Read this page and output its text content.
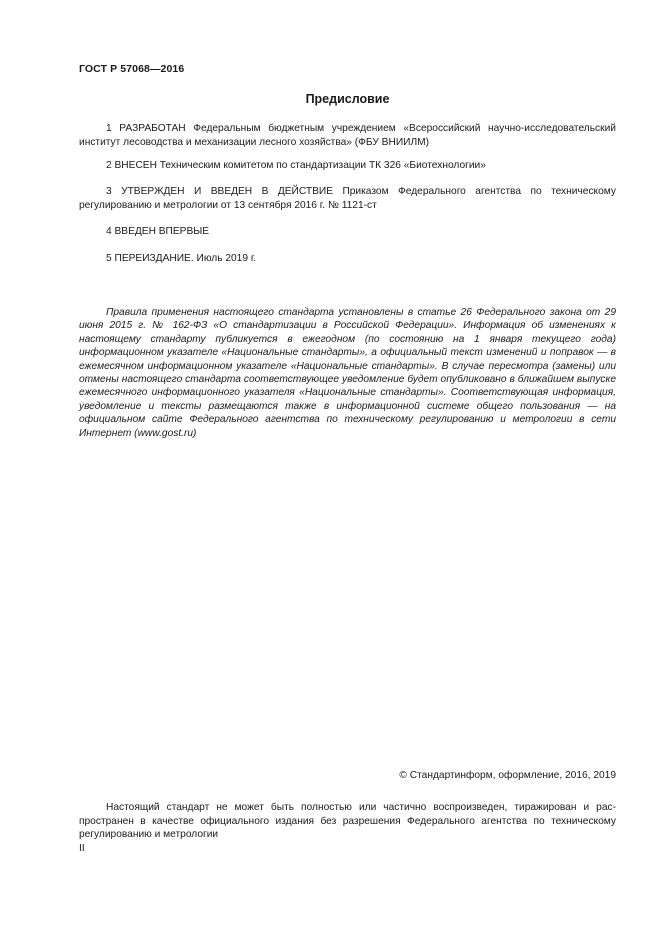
ГОСТ Р 57068—2016
Предисловие

1 РАЗРАБОТАН Федеральным бюджетным учреждением «Всероссийский научно-исследовательский институт лесоводства и механизации лесного хозяйства» (ФБУ ВНИИЛМ)

2 ВНЕСЕН Техническим комитетом по стандартизации ТК 326 «Биотехнологии»

3 УТВЕРЖДЕН И ВВЕДЕН В ДЕЙСТВИЕ Приказом Федерального агентства по техническому регулированию и метрологии от 13 сентября 2016 г. № 1121-ст

4 ВВЕДЕН ВПЕРВЫЕ

5 ПЕРЕИЗДАНИЕ. Июль 2019 г.

Правила применения настоящего стандарта установлены в статье 26 Федерального закона от 29 июня 2015 г. № 162-ФЗ «О стандартизации в Российской Федерации». Информация об изменениях к настоящему стандарту публикуется в ежегодном (по состоянию на 1 января текущего года) информационном указателе «Национальные стандарты», а официальный текст изменений и поправок — в ежемесячном информационном указателе «Национальные стандарты». В случае пересмотра (замены) или отмены настоящего стандарта соответствующее уведомление будет опубликовано в ближайшем выпуске ежемесячного информационного указателя «Национальные стандарты». Соответствующая информация, уведомление и тексты размещаются также в информационной системе общего пользования — на официальном сайте Федерального агентства по техническому регулированию и метрологии в сети Интернет (www.gost.ru)

© Стандартинформ, оформление, 2016, 2019

Настоящий стандарт не может быть полностью или частично воспроизведен, тиражирован и распространен в качестве официального издания без разрешения Федерального агентства по техническому регулированию и метрологии

II
